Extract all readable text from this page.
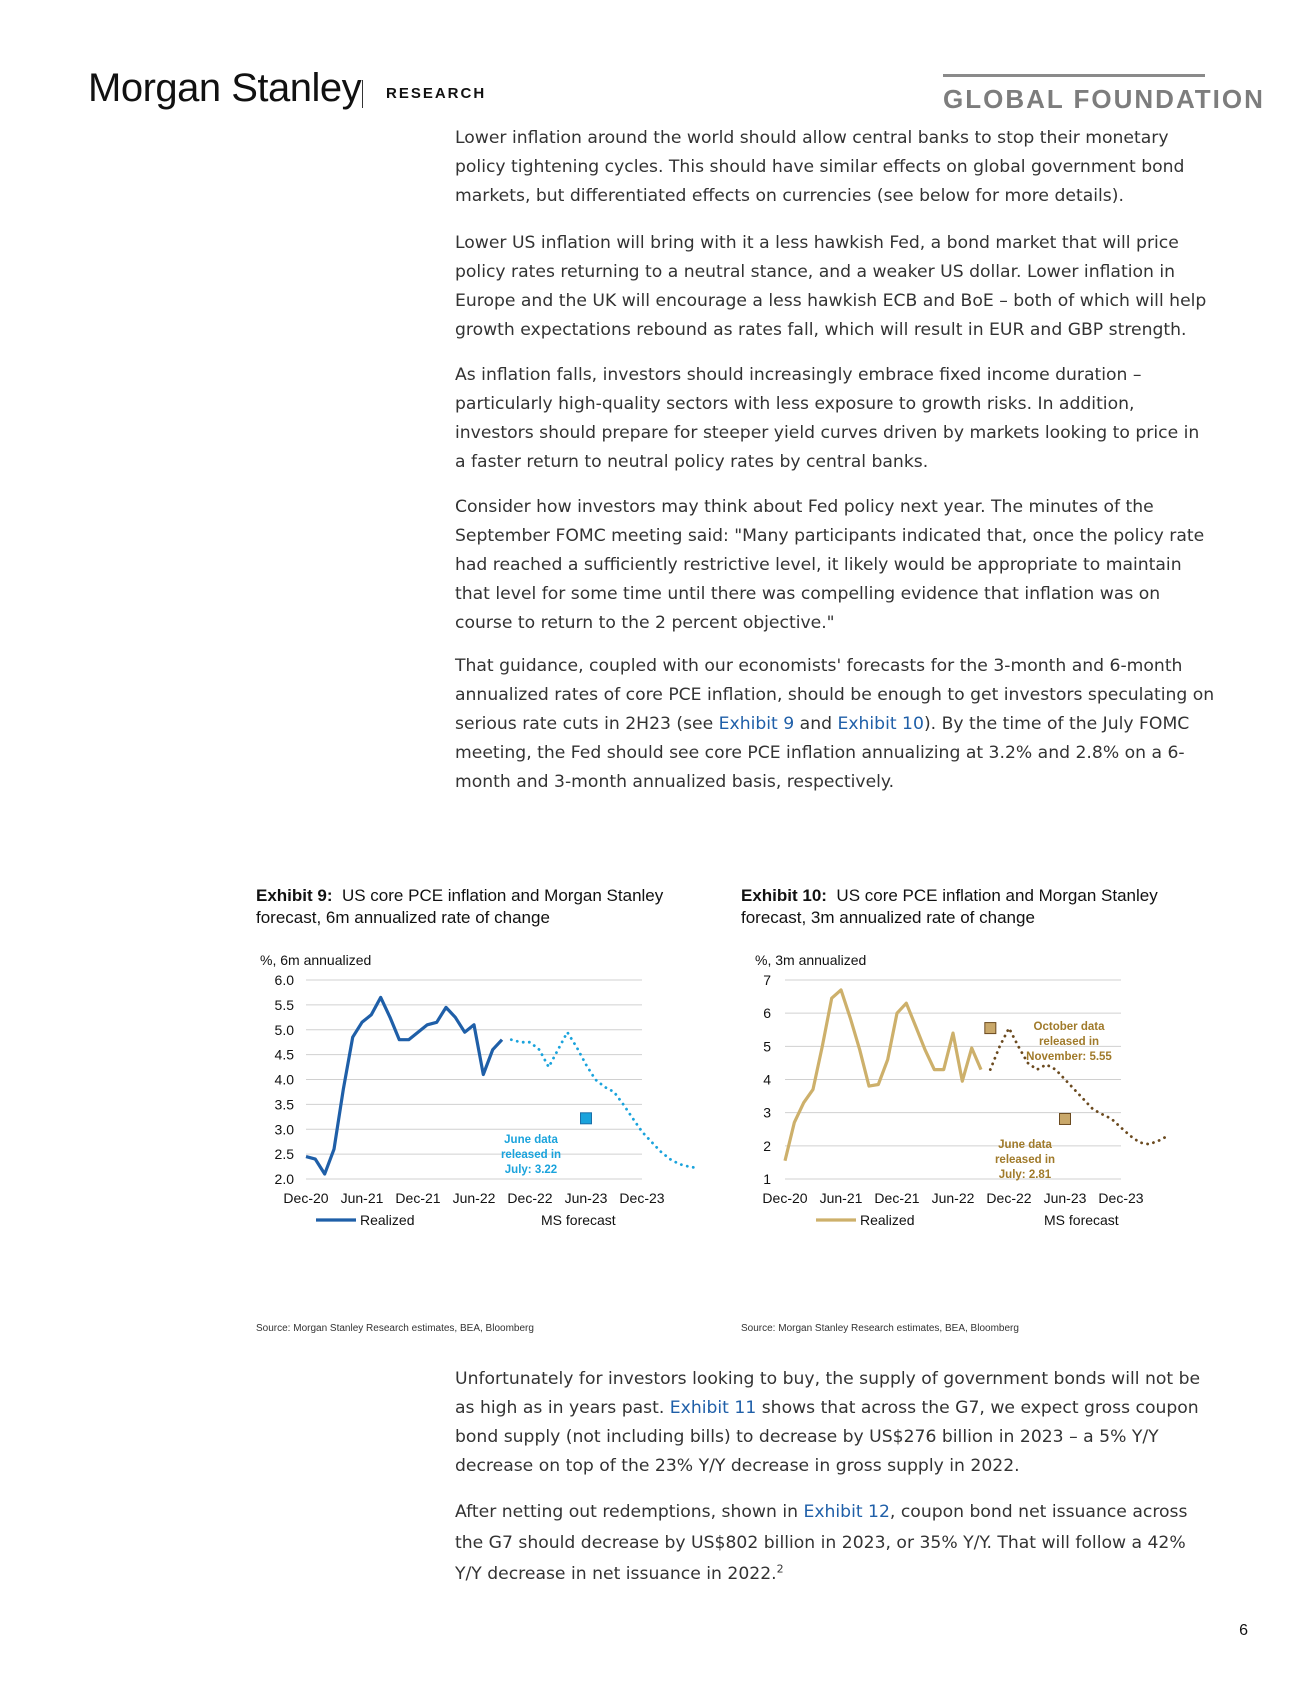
Morgan Stanley RESEARCH	GLOBAL FOUNDATION

Lower inflation around the world should allow central banks to stop their monetary policy tightening cycles. This should have similar effects on global government bond markets, but differentiated effects on currencies (see below for more details).

Lower US inflation will bring with it a less hawkish Fed, a bond market that will price policy rates returning to a neutral stance, and a weaker US dollar. Lower inflation in Europe and the UK will encourage a less hawkish ECB and BoE – both of which will help growth expectations rebound as rates fall, which will result in EUR and GBP strength.

As inflation falls, investors should increasingly embrace fixed income duration – particularly high-quality sectors with less exposure to growth risks. In addition, investors should prepare for steeper yield curves driven by markets looking to price in a faster return to neutral policy rates by central banks.

Consider how investors may think about Fed policy next year. The minutes of the September FOMC meeting said: "Many participants indicated that, once the policy rate had reached a sufficiently restrictive level, it likely would be appropriate to maintain that level for some time until there was compelling evidence that inflation was on course to return to the 2 percent objective."

That guidance, coupled with our economists' forecasts for the 3-month and 6-month annualized rates of core PCE inflation, should be enough to get investors speculating on serious rate cuts in 2H23 (see Exhibit 9 and Exhibit 10). By the time of the July FOMC meeting, the Fed should see core PCE inflation annualizing at 3.2% and 2.8% on a 6-month and 3-month annualized basis, respectively.

Exhibit 9: US core PCE inflation and Morgan Stanley forecast, 6m annualized rate of change
%, 6m annualized
6.0
5.5
5.0
4.5
4.0
3.5
3.0
2.5
2.0
Dec-20 Jun-21 Dec-21 Jun-22 Dec-22 Jun-23 Dec-23
Realized	MS forecast
June data released in July: 3.22
Source: Morgan Stanley Research estimates, BEA, Bloomberg
Exhibit 10: US core PCE inflation and Morgan Stanley forecast, 3m annualized rate of change
%, 3m annualized
7
6
5
4
3
2
1
Dec-20 Jun-21 Dec-21 Jun-22 Dec-22 Jun-23 Dec-23
Realized	MS forecast
October data released in November: 5.55
June data released in July: 2.81
Source: Morgan Stanley Research estimates, BEA, Bloomberg

Unfortunately for investors looking to buy, the supply of government bonds will not be as high as in years past. Exhibit 11 shows that across the G7, we expect gross coupon bond supply (not including bills) to decrease by US$276 billion in 2023 – a 5% Y/Y decrease on top of the 23% Y/Y decrease in gross supply in 2022.

After netting out redemptions, shown in Exhibit 12, coupon bond net issuance across the G7 should decrease by US$802 billion in 2023, or 35% Y/Y. That will follow a 42% Y/Y decrease in net issuance in 2022.$^2$

6
